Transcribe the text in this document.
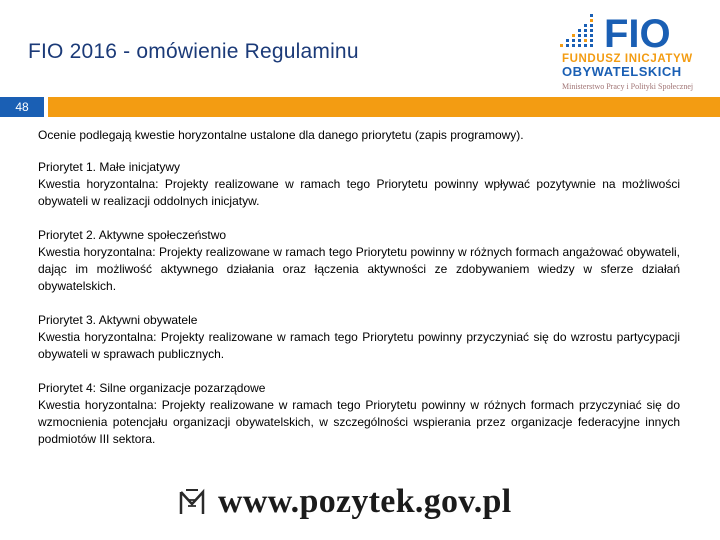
FIO 2016 - omówienie Regulaminu	FIO
FUNDUSZ INICJATYW
OBYWATELSKICH
Ministerstwo Pracy i Polityki Społecznej
48

Ocenie podlegają kwestie horyzontalne ustalone dla danego priorytetu (zapis programowy).

Priorytet 1. Małe inicjatywy
Kwestia horyzontalna: Projekty realizowane w ramach tego Priorytetu powinny wpływać pozytywnie na możliwości obywateli w realizacji oddolnych inicjatyw.
Priorytet 2. Aktywne społeczeństwo
Kwestia horyzontalna: Projekty realizowane w ramach tego Priorytetu powinny w różnych formach angażować obywateli, dając im możliwość aktywnego działania oraz łączenia aktywności ze zdobywaniem wiedzy w sferze działań obywatelskich.
Priorytet 3. Aktywni obywatele
Kwestia horyzontalna: Projekty realizowane w ramach tego Priorytetu powinny przyczyniać się do wzrostu partycypacji obywateli w sprawach publicznych.
Priorytet 4: Silne organizacje pozarządowe
Kwestia horyzontalna: Projekty realizowane w ramach tego Priorytetu powinny w różnych formach przyczyniać się do wzmocnienia potencjału organizacji obywatelskich, w szczególności wspierania przez organizacje federacyjne innych podmiotów III sektora.
www.pozytek.gov.pl
